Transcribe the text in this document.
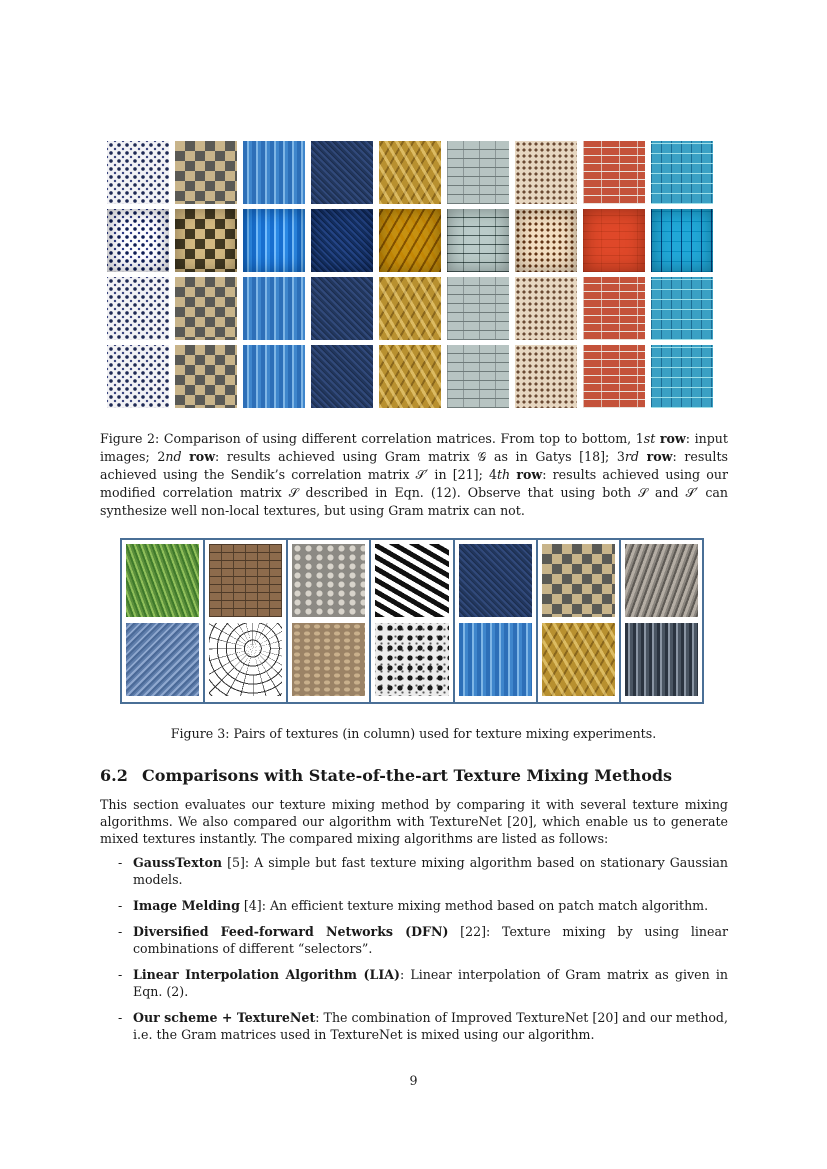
Figure 2: Comparison of using different correlation matrices. From top to bottom, 1st row: input images; 2nd row: results achieved using Gram matrix 𝒢 as in Gatys [18]; 3rd row: results achieved using the Sendik’s correlation matrix 𝒮′ in [21]; 4th row: results achieved using our modified correlation matrix 𝒮 described in Eqn. (12). Observe that using both 𝒮 and 𝒮′ can synthesize well non-local textures, but using Gram matrix can not.
Figure 3: Pairs of textures (in column) used for texture mixing experiments.
6.2 Comparisons with State-of-the-art Texture Mixing Methods
This section evaluates our texture mixing method by comparing it with several texture mixing algorithms. We also compared our algorithm with TextureNet [20], which enable us to generate mixed textures instantly. The compared mixing algorithms are listed as follows:
- GaussTexton [5]: A simple but fast texture mixing algorithm based on stationary Gaussian models.
- Image Melding [4]: An efficient texture mixing method based on patch match algorithm.
- Diversified Feed-forward Networks (DFN) [22]: Texture mixing by using linear combinations of different “selectors”.
- Linear Interpolation Algorithm (LIA): Linear interpolation of Gram matrix as given in Eqn. (2).
- Our scheme + TextureNet: The combination of Improved TextureNet [20] and our method, i.e. the Gram matrices used in TextureNet is mixed using our algorithm.
9
